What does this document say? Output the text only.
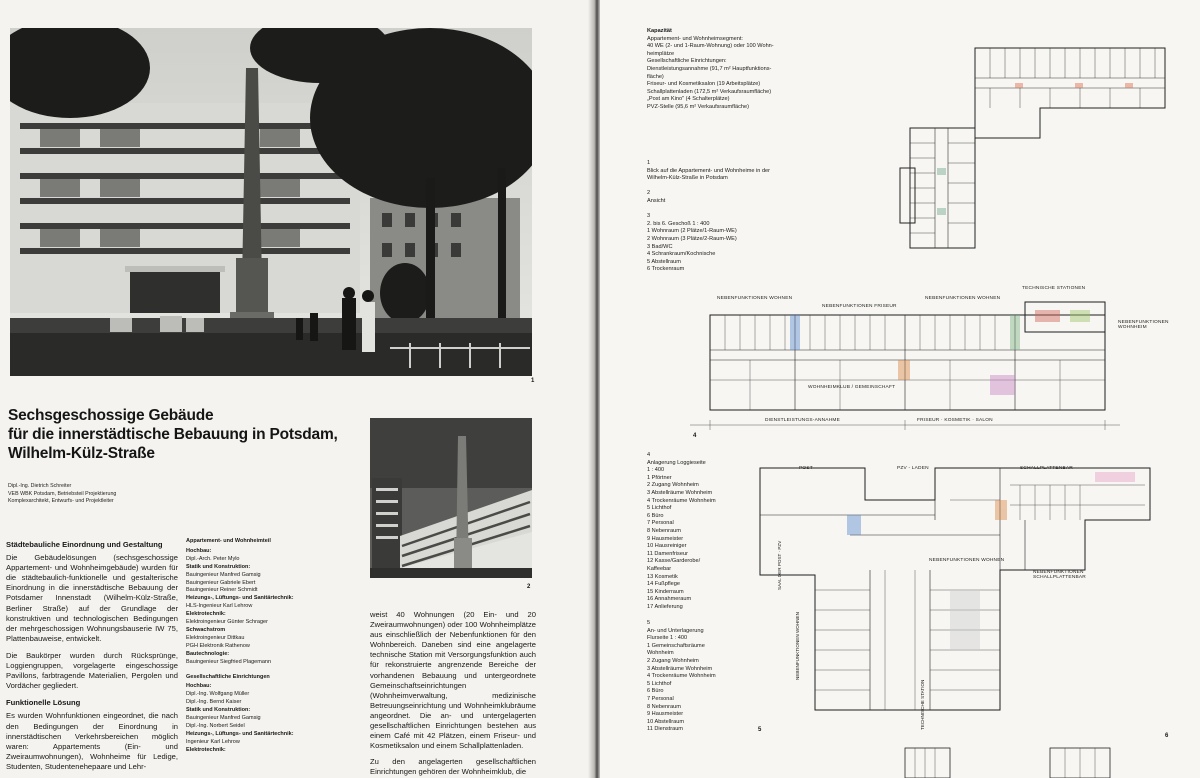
1
Sechsgeschossige Gebäude
für die innerstädtische Bebauung in Potsdam,
Wilhelm-Külz-Straße
Dipl.-Ing. Dietrich Schreiter
VEB WBK Potsdam, Betriebsteil Projektierung
Komplexarchitekt, Entwurfs- und Projektleiter
2
Städtebauliche Einordnung und Gestaltung

Die Gebäudelösungen (sechsgeschossige Appartement- und Wohnheimgebäude) wurden für die städtebaulich-funktionelle und gestalterische Einordnung in die innerstädtische Bebauung der Potsdamer Innenstadt (Wilhelm-Külz-Straße, Berliner Straße) auf der Grundlage der konstruktiven und technologischen Bedingungen der mehrgeschossigen Wohnungsbauserie IW 75, Plattenbauweise, entwickelt.

Die Baukörper wurden durch Rücksprünge, Loggiengruppen, vorgelagerte eingeschossige Pavillons, farbtragende Materialien, Pergolen und Vordächer gegliedert.

Funktionelle Lösung

Es wurden Wohnfunktionen eingeordnet, die nach den Bedingungen der Einordnung in innerstädtischen Verkehrsbereichen möglich waren: Appartements (Ein- und Zweiraumwohnungen), Wohnheime für Ledige, Studenten, Studentenehepaare und Lehr-

Appartement- und Wohnheimteil
Hochbau:
Dipl.-Arch. Peter Mylo
Statik und Konstruktion:
Bauingenieur Manfred Gamsig
Bauingenieur Gabriele Ebert
Bauingenieur Reiner Schmidt
Heizungs-, Lüftungs- und Sanitärtechnik:
HLS-Ingenieur Karl Lehrow
Elektrotechnik:
Elektroingenieur Günter Schrager
Schwachstrom
Elektroingenieur Dittkau
PGH Elektronik Rathenow
Bautechnologie:
Bauingenieur Siegfried Plagemann
Gesellschaftliche Einrichtungen
Hochbau:
Dipl.-Ing. Wolfgang Müller
Dipl.-Ing. Bernd Kaiser
Statik und Konstruktion:
Bauingenieur Manfred Gamsig
Dipl.-Ing. Norbert Seidel
Heizungs-, Lüftungs- und Sanitärtechnik:
Ingenieur Karl Lehrow
Elektrotechnik:

weist 40 Wohnungen (20 Ein- und 20 Zweiraumwohnungen) oder 100 Wohnheimplätze aus einschließlich der Nebenfunktionen für den Wohnbereich. Daneben sind eine angelagerte technische Station mit Versorgungsfunktion auch für rekonstruierte angrenzende Bereiche der vorhandenen Bebauung und untergeordnete Gemeinschaftseinrichtungen (Wohnheimverwaltung, medizinische Betreuungseinrichtung und Wohnheimklubräume angeordnet. Die an- und untergelagerten gesellschaftlichen Einrichtungen bestehen aus einem Café mit 42 Plätzen, einem Friseur- und Kosmetiksalon und einem Schallplattenladen.

Zu den angelagerten gesellschaftlichen Einrichtungen gehören der Wohnheimklub, die

Kapazität
Appartement- und Wohnheimsegment:
40 WE (2- und 1-Raum-Wohnung) oder 100 Wohn-
heimplätze
Gesellschaftliche Einrichtungen:
Dienstleistungsannahme (91,7 m² Hauptfunktions-
fläche)
Friseur- und Kosmetiksalon (19 Arbeitsplätze)
Schallplattenladen (172,5 m² Verkaufsraumfläche)
„Post am Kino" (4 Schalterplätze)
PVZ-Stelle (95,6 m² Verkaufsraumfläche)
1
Blick auf die Appartement- und Wohnheime in der
Wilhelm-Külz-Straße in Potsdam

2
Ansicht

3
2. bis 6. Geschoß 1 : 400
1 Wohnraum (2 Plätze/1-Raum-WE)
2 Wohnraum (3 Plätze/2-Raum-WE)
3 Bad/WC
4 Schrankraum/Kochnische
5 Abstellraum
6 Trockenraum
NEBENFUNKTIONEN WOHNEN
NEBENFUNKTIONEN FRISEUR
NEBENFUNKTIONEN WOHNEN
TECHNISCHE STATIONEN
NEBENFUNKTIONEN WOHNHEIM
DIENSTLEISTUNGS-ANNAHME	FRISEUR · KOSMETIK · SALON
WOHNHEIMKLUB / GEMEINSCHAFT
4
4
Anlagerung Loggieseite
1 : 400
1 Pförtner
2 Zugang Wohnheim
3 Abstellräume Wohnheim
4 Trockenräume Wohnheim
5 Lichthof
6 Büro
7 Personal
8 Nebenraum
9 Hausmeister
10 Hausreiniger
11 Damenfriseur
12 Kasse/Garderobe/
Kaffeebar
13 Kosmetik
14 Fußpflege
15 Kinderraum
16 Annahmeraum
17 Anlieferung
5
An- und Unterlagerung
Flurseite 1 : 400
1 Gemeinschaftsräume
Wohnheim
2 Zugang Wohnheim
3 Abstellräume Wohnheim
4 Trockenräume Wohnheim
5 Lichthof
6 Büro
7 Personal
8 Nebenraum
9 Hausmeister
10 Abstellraum
11 Dienstraum
POST	PZV - LADEN	SCHALLPLATTENBAR
NEBENFUNKTIONEN WOHNEN
NEBENFUNKTIONEN SCHALLPLATTENBAR
SAAL DER POST · PZV
NEBENFUNKTIONEN WOHNEN
TECHNISCHE STATION
5
6
